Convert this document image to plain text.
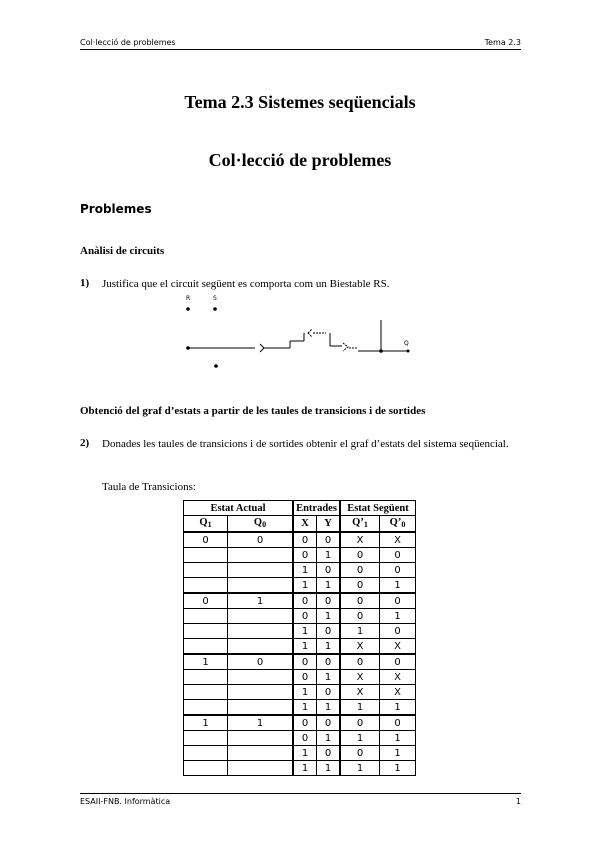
Col·lecció de problemes	Tema 2.3
Tema 2.3 Sistemes seqüencials
Col·lecció de problemes
Problemes
Anàlisi de circuits
1) Justifica que el circuit següent es comporta com un Biestable RS.
R	S
Q
Obtenció del graf d’estats a partir de les taules de transicions i de sortides
2) Donades les taules de transicions i de sortides obtenir el graf d’estats del sistema seqüencial.
Taula de Transicions:
Estat Actual		Entrades		Estat Següent	
$Q_1$	$Q_0$	X	Y	$Q’_1$	$Q’_0$
0	0	0	0	X	X
		0	1	0	0
		1	0	0	0
		1	1	0	1
0	1	0	0	0	0
		0	1	0	1
		1	0	1	0
		1	1	X	X
1	0	0	0	0	0
		0	1	X	X
		1	0	X	X
		1	1	1	1
1	1	0	0	0	0
		0	1	1	1
		1	0	0	1
		1	1	1	1
ESAII-FNB. Informàtica	1
